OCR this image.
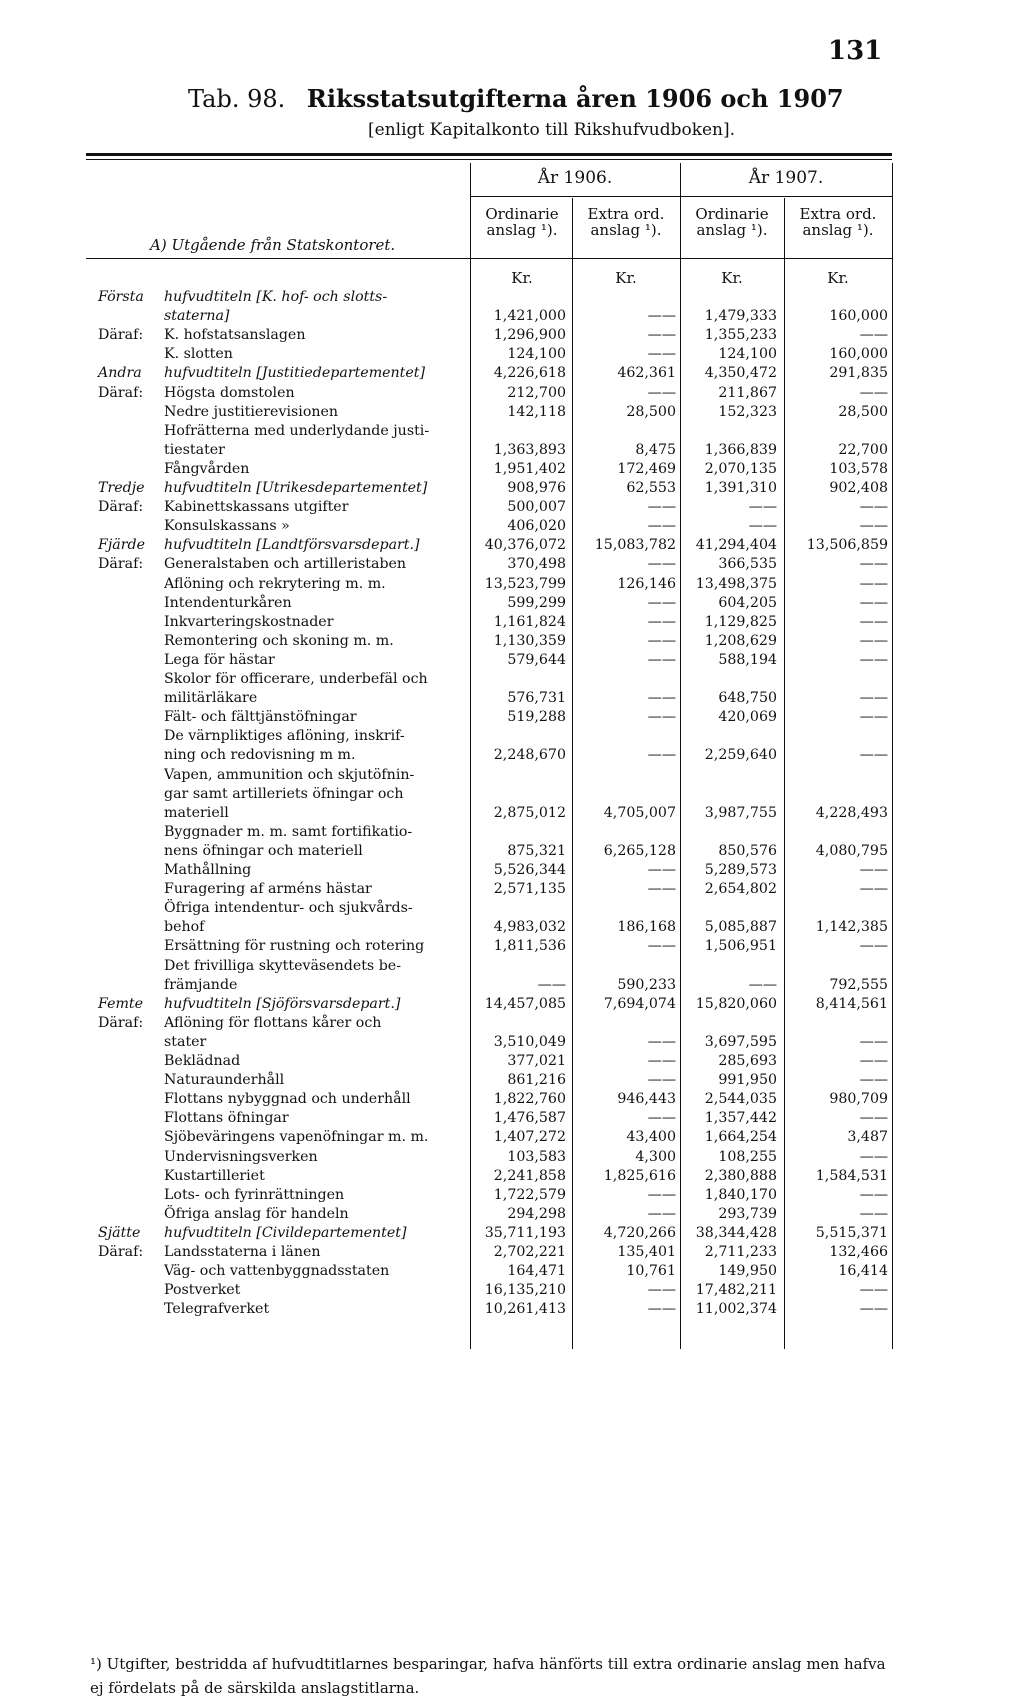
131
Tab. 98. Riksstatsutgifterna åren 1906 och 1907
[enligt Kapitalkonto till Rikshufvudboken].
År 1906.	År 1907.
Ordinarie anslag ¹).
Extra ord. anslag ¹).
Ordinarie anslag ¹).
Extra ord. anslag ¹).
A) Utgående från Statskontoret.
Kr.	Kr.	Kr.	Kr.
Första	hufvudtiteln [K. hof- och slotts-
staterna]	1,421,000	——	1,479,333	160,000
Däraf:	K. hofstatsanslagen	1,296,900	——	1,355,233	——
K. slotten	124,100	——	124,100	160,000
Andra	hufvudtiteln [Justitiedepartementet]	4,226,618	462,361	4,350,472	291,835
Däraf:	Högsta domstolen	212,700	——	211,867	——
Nedre justitierevisionen	142,118	28,500	152,323	28,500
Hofrätterna med underlydande justi-
tiestater	1,363,893	8,475	1,366,839	22,700
Fångvården	1,951,402	172,469	2,070,135	103,578
Tredje	hufvudtiteln [Utrikesdepartementet]	908,976	62,553	1,391,310	902,408
Däraf:	Kabinettskassans utgifter	500,007	——	——	——
Konsulskassans »	406,020	——	——	——
Fjärde	hufvudtiteln [Landtförsvarsdepart.]	40,376,072	15,083,782	41,294,404	13,506,859
Däraf:	Generalstaben och artilleristaben	370,498	——	366,535	——
Aflöning och rekrytering m. m.	13,523,799	126,146	13,498,375	——
Intendenturkåren	599,299	——	604,205	——
Inkvarteringskostnader	1,161,824	——	1,129,825	——
Remontering och skoning m. m.	1,130,359	——	1,208,629	——
Lega för hästar	579,644	——	588,194	——
Skolor för officerare, underbefäl och
militärläkare	576,731	——	648,750	——
Fält- och fälttjänstöfningar	519,288	——	420,069	——
De värnpliktiges aflöning, inskrif-
ning och redovisning m m.	2,248,670	——	2,259,640	——
Vapen, ammunition och skjutöfnin-
gar samt artilleriets öfningar och
materiell	2,875,012	4,705,007	3,987,755	4,228,493
Byggnader m. m. samt fortifikatio-
nens öfningar och materiell	875,321	6,265,128	850,576	4,080,795
Mathållning	5,526,344	——	5,289,573	——
Furagering af arméns hästar	2,571,135	——	2,654,802	——
Öfriga intendentur- och sjukvårds-
behof	4,983,032	186,168	5,085,887	1,142,385
Ersättning för rustning och rotering	1,811,536	——	1,506,951	——
Det frivilliga skytteväsendets be-
främjande	——	590,233	——	792,555
Femte	hufvudtiteln [Sjöförsvarsdepart.]	14,457,085	7,694,074	15,820,060	8,414,561
Däraf:	Aflöning för flottans kårer och
stater	3,510,049	——	3,697,595	——
Beklädnad	377,021	——	285,693	——
Naturaunderhåll	861,216	——	991,950	——
Flottans nybyggnad och underhåll	1,822,760	946,443	2,544,035	980,709
Flottans öfningar	1,476,587	——	1,357,442	——
Sjöbeväringens vapenöfningar m. m.	1,407,272	43,400	1,664,254	3,487
Undervisningsverken	103,583	4,300	108,255	——
Kustartilleriet	2,241,858	1,825,616	2,380,888	1,584,531
Lots- och fyrinrättningen	1,722,579	——	1,840,170	——
Öfriga anslag för handeln	294,298	——	293,739	——
Sjätte	hufvudtiteln [Civildepartementet]	35,711,193	4,720,266	38,344,428	5,515,371
Däraf:	Landsstaterna i länen	2,702,221	135,401	2,711,233	132,466
Väg- och vattenbyggnadsstaten	164,471	10,761	149,950	16,414
Postverket	16,135,210	——	17,482,211	——
Telegrafverket	10,261,413	——	11,002,374	——
¹) Utgifter, bestridda af hufvudtitlarnes besparingar, hafva hänförts till extra ordinarie anslag men hafva ej fördelats på de särskilda anslagstitlarna.
